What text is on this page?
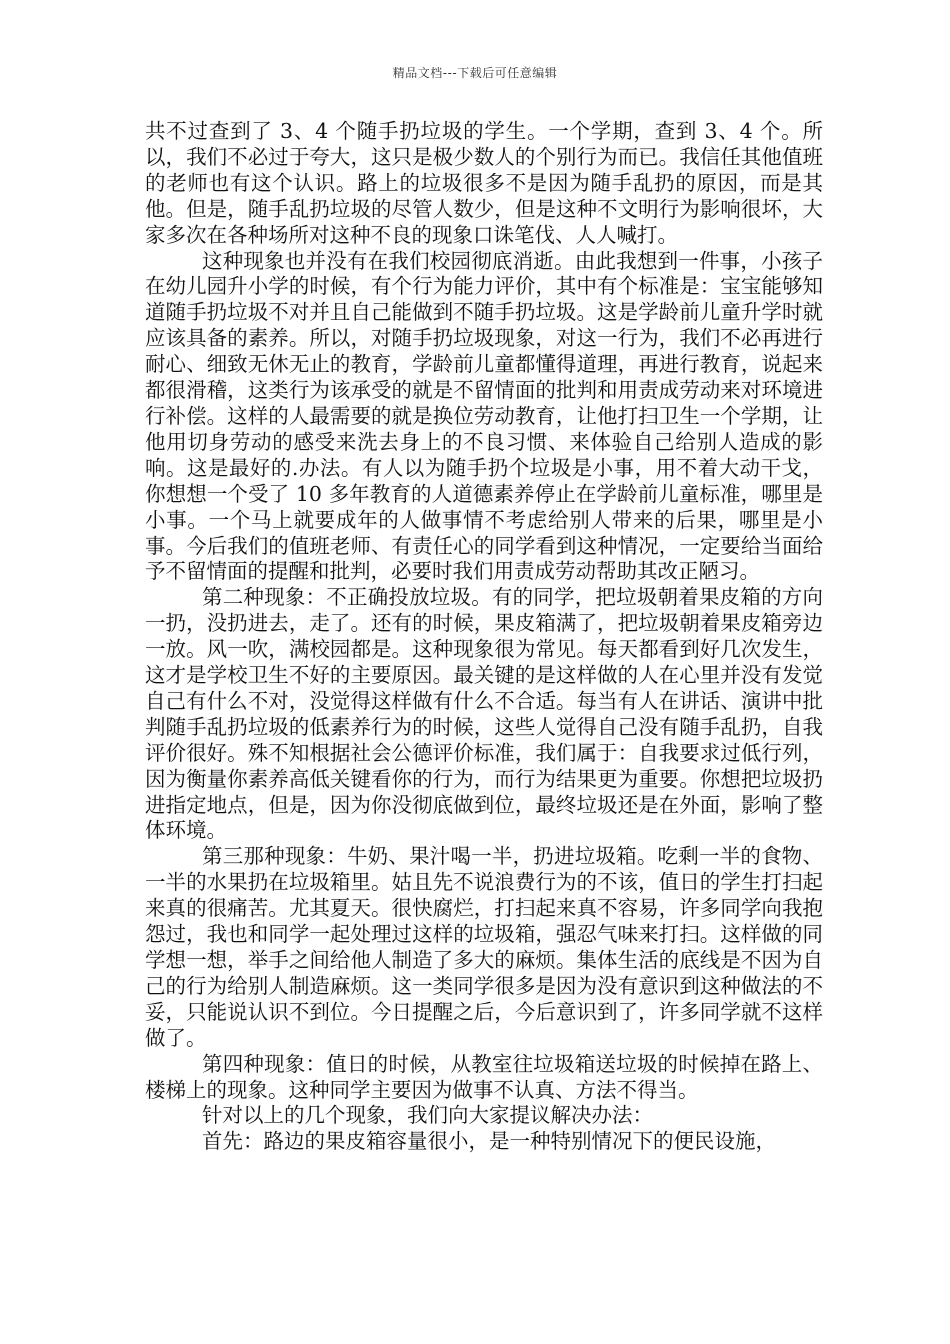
精品文档---下载后可任意编辑

共不过查到了 3、4 个随手扔垃圾的学生。一个学期，查到 3、4 个。所以，我们不必过于夸大，这只是极少数人的个别行为而已。我信任其他值班的老师也有这个认识。路上的垃圾很多不是因为随手乱扔的原因，而是其他。但是，随手乱扔垃圾的尽管人数少，但是这种不文明行为影响很坏，大家多次在各种场所对这种不良的现象口诛笔伐、人人喊打。

这种现象也并没有在我们校园彻底消逝。由此我想到一件事，小孩子在幼儿园升小学的时候，有个行为能力评价，其中有个标准是：宝宝能够知道随手扔垃圾不对并且自己能做到不随手扔垃圾。这是学龄前儿童升学时就应该具备的素养。所以，对随手扔垃圾现象，对这一行为，我们不必再进行耐心、细致无休无止的教育，学龄前儿童都懂得道理，再进行教育，说起来都很滑稽，这类行为该承受的就是不留情面的批判和用责成劳动来对环境进行补偿。这样的人最需要的就是换位劳动教育，让他打扫卫生一个学期，让他用切身劳动的感受来洗去身上的不良习惯、来体验自己给别人造成的影响。这是最好的.办法。有人以为随手扔个垃圾是小事，用不着大动干戈，你想想一个受了 10 多年教育的人道德素养停止在学龄前儿童标准，哪里是小事。一个马上就要成年的人做事情不考虑给别人带来的后果，哪里是小事。今后我们的值班老师、有责任心的同学看到这种情况，一定要给当面给予不留情面的提醒和批判，必要时我们用责成劳动帮助其改正陋习。

第二种现象：不正确投放垃圾。有的同学，把垃圾朝着果皮箱的方向一扔，没扔进去，走了。还有的时候，果皮箱满了，把垃圾朝着果皮箱旁边一放。风一吹，满校园都是。这种现象很为常见。每天都看到好几次发生，这才是学校卫生不好的主要原因。最关键的是这样做的人在心里并没有发觉自己有什么不对，没觉得这样做有什么不合适。每当有人在讲话、演讲中批判随手乱扔垃圾的低素养行为的时候，这些人觉得自己没有随手乱扔，自我评价很好。殊不知根据社会公德评价标准，我们属于：自我要求过低行列，因为衡量你素养高低关键看你的行为，而行为结果更为重要。你想把垃圾扔进指定地点，但是，因为你没彻底做到位，最终垃圾还是在外面，影响了整体环境。

第三那种现象：牛奶、果汁喝一半，扔进垃圾箱。吃剩一半的食物、一半的水果扔在垃圾箱里。姑且先不说浪费行为的不该，值日的学生打扫起来真的很痛苦。尤其夏天。很快腐烂，打扫起来真不容易，许多同学向我抱怨过，我也和同学一起处理过这样的垃圾箱，强忍气味来打扫。这样做的同学想一想，举手之间给他人制造了多大的麻烦。集体生活的底线是不因为自己的行为给别人制造麻烦。这一类同学很多是因为没有意识到这种做法的不妥，只能说认识不到位。今日提醒之后，今后意识到了，许多同学就不这样做了。

第四种现象：值日的时候，从教室往垃圾箱送垃圾的时候掉在路上、楼梯上的现象。这种同学主要因为做事不认真、方法不得当。

针对以上的几个现象，我们向大家提议解决办法：

首先：路边的果皮箱容量很小，是一种特别情况下的便民设施，
